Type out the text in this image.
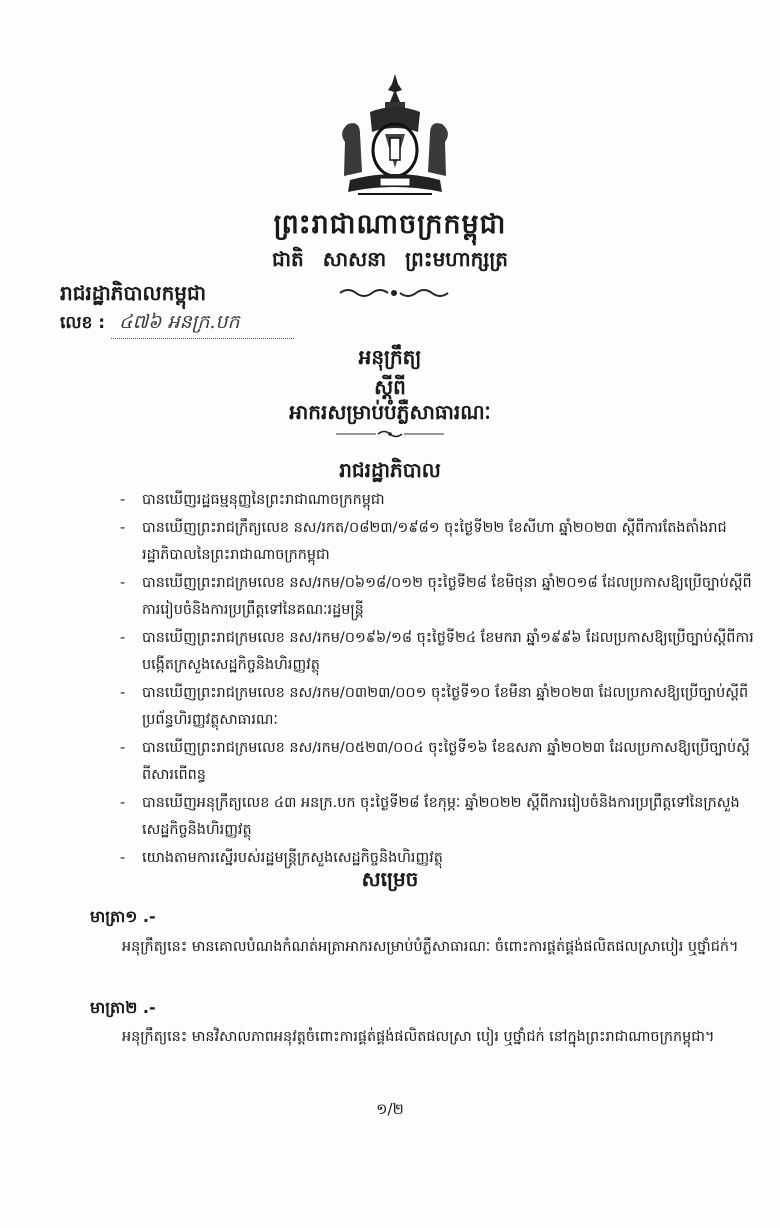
ព្រះរាជាណាចក្រកម្ពុជា
ជាតិ សាសនា ព្រះមហាក្សត្រ
រាជរដ្ឋាភិបាលកម្ពុជា
លេខ : ៤៧៦ អនក្រ.បក
អនុក្រឹត្យ
ស្តីពី
អាករសម្រាប់បំភ្លឺសាធារណៈ
រាជរដ្ឋាភិបាល
- បានឃើញរដ្ឋធម្មនុញ្ញនៃព្រះរាជាណាចក្រកម្ពុជា
- បានឃើញព្រះរាជក្រឹត្យលេខ នស/រកត/០៨២៣/១៩៨១ ចុះថ្ងៃទី២២ ខែសីហា ឆ្នាំ២០២៣ ស្តីពីការតែងតាំងរាជរដ្ឋាភិបាលនៃព្រះរាជាណាចក្រកម្ពុជា
- បានឃើញព្រះរាជក្រមលេខ នស/រកម/០៦១៨/០១២ ចុះថ្ងៃទី២៨ ខែមិថុនា ឆ្នាំ២០១៨ ដែលប្រកាសឱ្យប្រើច្បាប់ស្តីពីការរៀបចំនិងការប្រព្រឹត្តទៅនៃគណៈរដ្ឋមន្ត្រី
- បានឃើញព្រះរាជក្រមលេខ នស/រកម/០១៩៦/១៨ ចុះថ្ងៃទី២៤ ខែមករា ឆ្នាំ១៩៩៦ ដែលប្រកាសឱ្យប្រើច្បាប់ស្តីពីការបង្កើតក្រសួងសេដ្ឋកិច្ចនិងហិរញ្ញវត្ថុ
- បានឃើញព្រះរាជក្រមលេខ នស/រកម/០៣២៣/០០១ ចុះថ្ងៃទី១០ ខែមីនា ឆ្នាំ២០២៣ ដែលប្រកាសឱ្យប្រើច្បាប់ស្តីពីប្រព័ន្ធហិរញ្ញវត្ថុសាធារណៈ
- បានឃើញព្រះរាជក្រមលេខ នស/រកម/០៥២៣/០០៤ ចុះថ្ងៃទី១៦ ខែឧសភា ឆ្នាំ២០២៣ ដែលប្រកាសឱ្យប្រើច្បាប់ស្តីពីសារពើពន្ធ
- បានឃើញអនុក្រឹត្យលេខ ៤៣ អនក្រ.បក ចុះថ្ងៃទី២៨ ខែកុម្ភៈ ឆ្នាំ២០២២ ស្តីពីការរៀបចំនិងការប្រព្រឹត្តទៅនៃក្រសួងសេដ្ឋកិច្ចនិងហិរញ្ញវត្ថុ
- យោងតាមការស្នើរបស់រដ្ឋមន្ត្រីក្រសួងសេដ្ឋកិច្ចនិងហិរញ្ញវត្ថុ
សម្រេច
មាត្រា១ .-
អនុក្រឹត្យនេះ មានគោលបំណងកំណត់អត្រាអាករសម្រាប់បំភ្លឺសាធារណៈ ចំពោះការផ្គត់ផ្គង់ផលិតផលស្រាបៀរ ឬថ្នាំជក់។
មាត្រា២ .-
អនុក្រឹត្យនេះ មានវិសាលភាពអនុវត្តចំពោះការផ្គត់ផ្គង់ផលិតផលស្រា បៀរ ឬថ្នាំជក់ នៅក្នុងព្រះរាជាណាចក្រកម្ពុជា។
១/២
